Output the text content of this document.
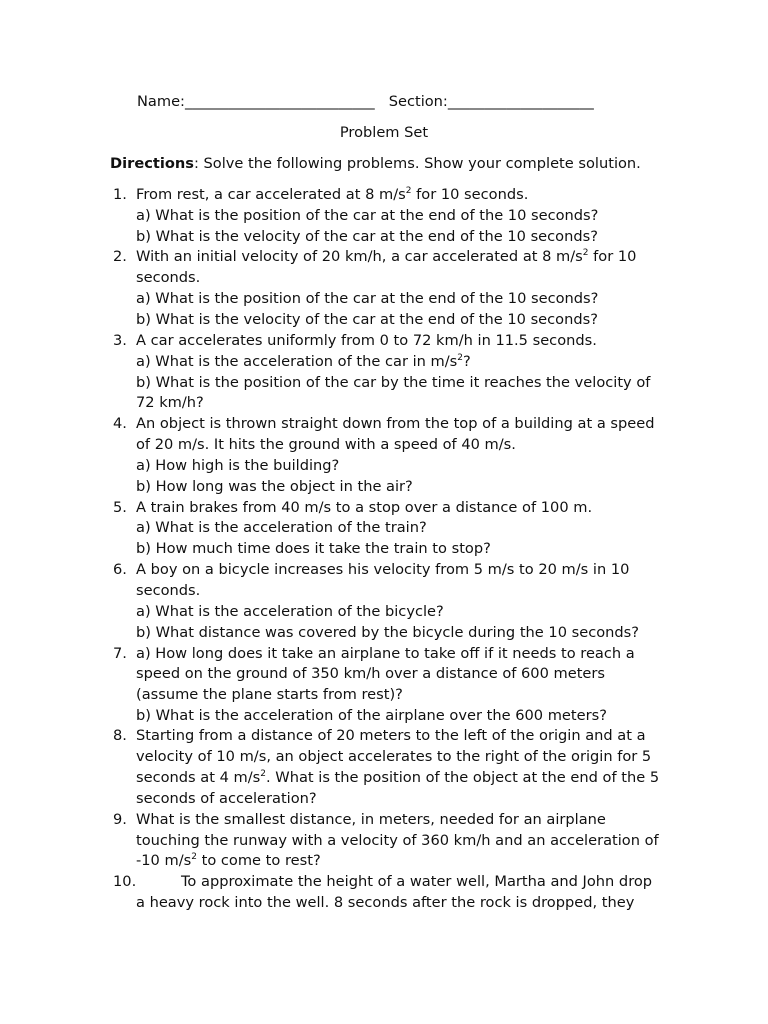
Name:__________________________ Section:____________________
Problem Set
Directions: Solve the following problems. Show your complete solution.
1. From rest, a car accelerated at 8 $m/s^2$ for 10 seconds.
a) What is the position of the car at the end of the 10 seconds?
b) What is the velocity of the car at the end of the 10 seconds?
2. With an initial velocity of 20 km/h, a car accelerated at 8 $m/s^2$ for 10
seconds.
a) What is the position of the car at the end of the 10 seconds?
b) What is the velocity of the car at the end of the 10 seconds?
3. A car accelerates uniformly from 0 to 72 km/h in 11.5 seconds.
a) What is the acceleration of the car in $m/s^2$?
b) What is the position of the car by the time it reaches the velocity of
72 km/h?
4. An object is thrown straight down from the top of a building at a speed
of 20 m/s. It hits the ground with a speed of 40 m/s.
a) How high is the building?
b) How long was the object in the air?
5. A train brakes from 40 m/s to a stop over a distance of 100 m.
a) What is the acceleration of the train?
b) How much time does it take the train to stop?
6. A boy on a bicycle increases his velocity from 5 m/s to 20 m/s in 10
seconds.
a) What is the acceleration of the bicycle?
b) What distance was covered by the bicycle during the 10 seconds?
7. a) How long does it take an airplane to take off if it needs to reach a
speed on the ground of 350 km/h over a distance of 600 meters
(assume the plane starts from rest)?
b) What is the acceleration of the airplane over the 600 meters?
8. Starting from a distance of 20 meters to the left of the origin and at a
velocity of 10 m/s, an object accelerates to the right of the origin for 5
seconds at 4 $m/s^2$. What is the position of the object at the end of the 5
seconds of acceleration?
9. What is the smallest distance, in meters, needed for an airplane
touching the runway with a velocity of 360 km/h and an acceleration of
-10 $m/s^2$ to come to rest?
10.	To approximate the height of a water well, Martha and John drop
a heavy rock into the well. 8 seconds after the rock is dropped, they
